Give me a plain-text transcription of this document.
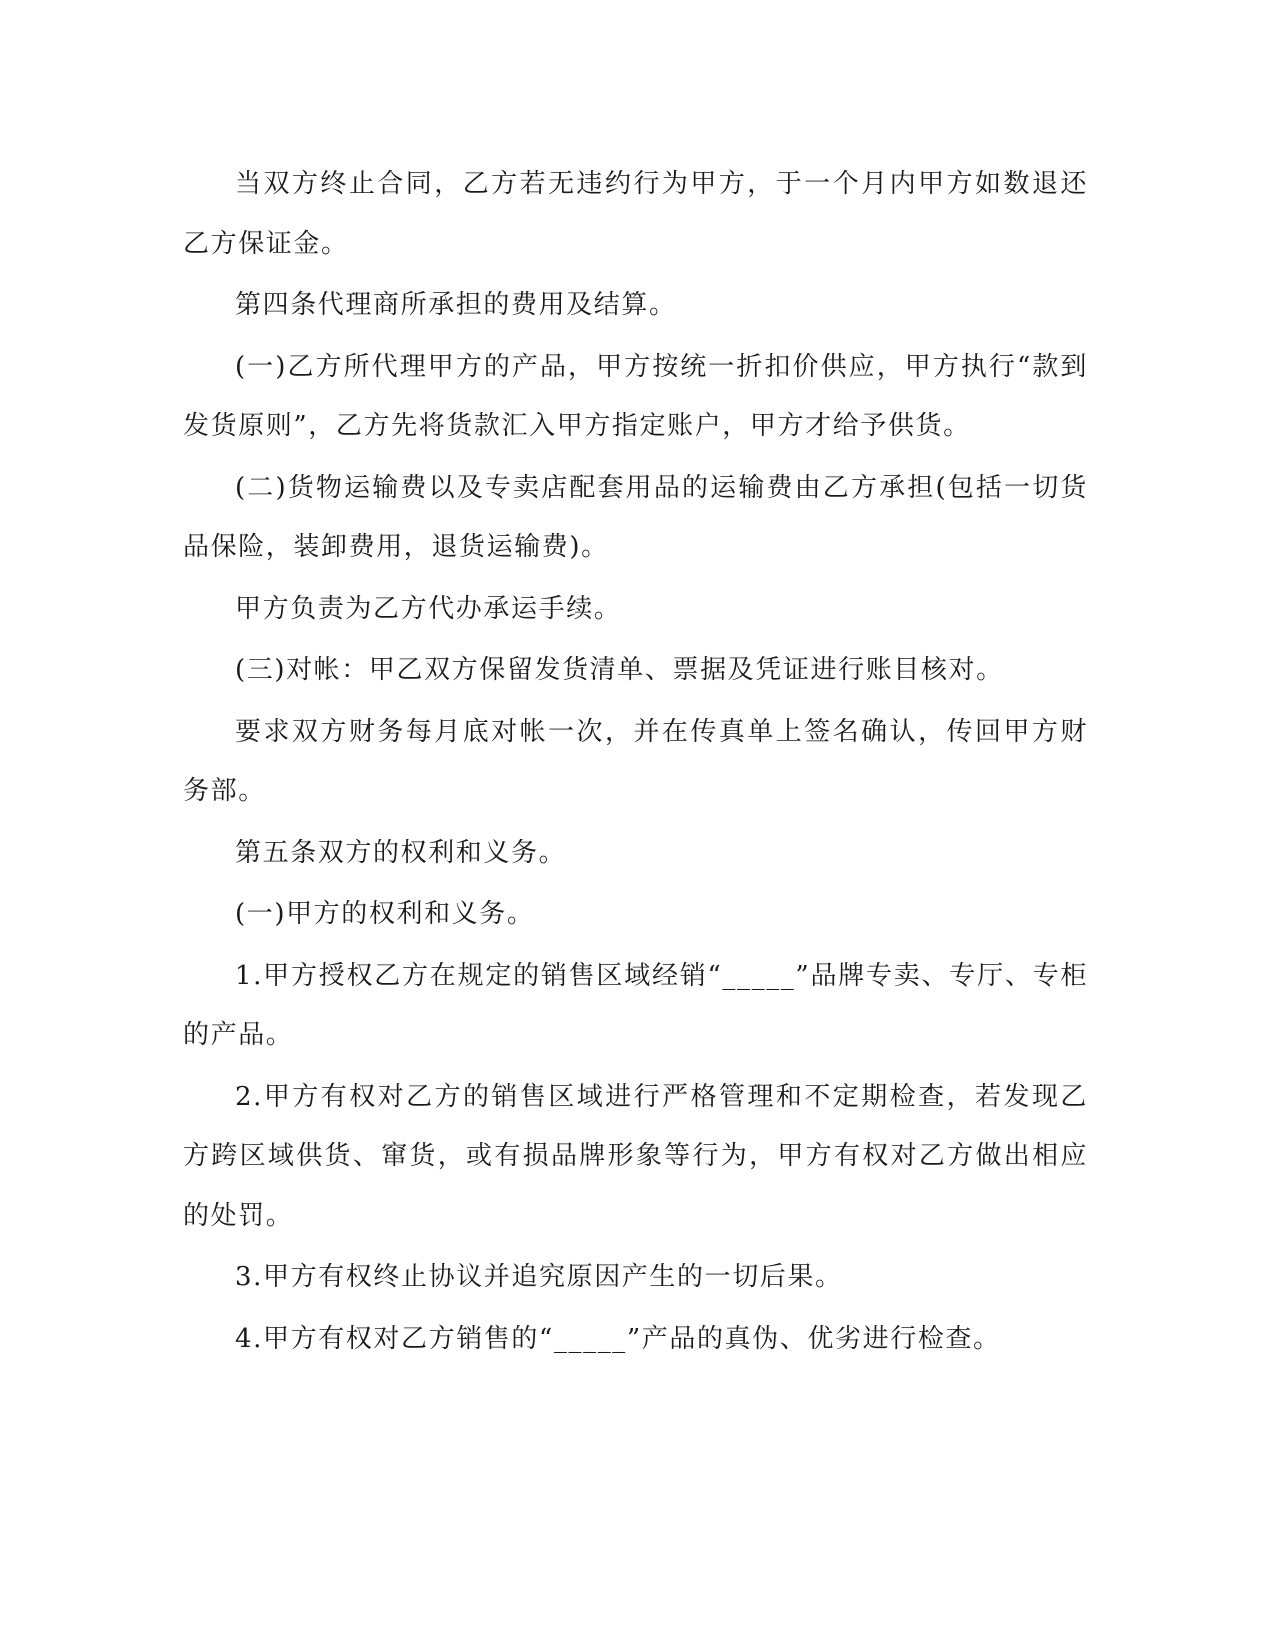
当双方终止合同，乙方若无违约行为甲方，于一个月内甲方如数退还乙方保证金。

第四条代理商所承担的费用及结算。

(一)乙方所代理甲方的产品，甲方按统一折扣价供应，甲方执行“款到发货原则”，乙方先将货款汇入甲方指定账户，甲方才给予供货。

(二)货物运输费以及专卖店配套用品的运输费由乙方承担(包括一切货品保险，装卸费用，退货运输费)。

甲方负责为乙方代办承运手续。

(三)对帐：甲乙双方保留发货清单、票据及凭证进行账目核对。

要求双方财务每月底对帐一次，并在传真单上签名确认，传回甲方财务部。

第五条双方的权利和义务。

(一)甲方的权利和义务。

1.甲方授权乙方在规定的销售区域经销“_____”品牌专卖、专厅、专柜的产品。

2.甲方有权对乙方的销售区域进行严格管理和不定期检查，若发现乙方跨区域供货、窜货，或有损品牌形象等行为，甲方有权对乙方做出相应的处罚。

3.甲方有权终止协议并追究原因产生的一切后果。

4.甲方有权对乙方销售的“_____”产品的真伪、优劣进行检查。
